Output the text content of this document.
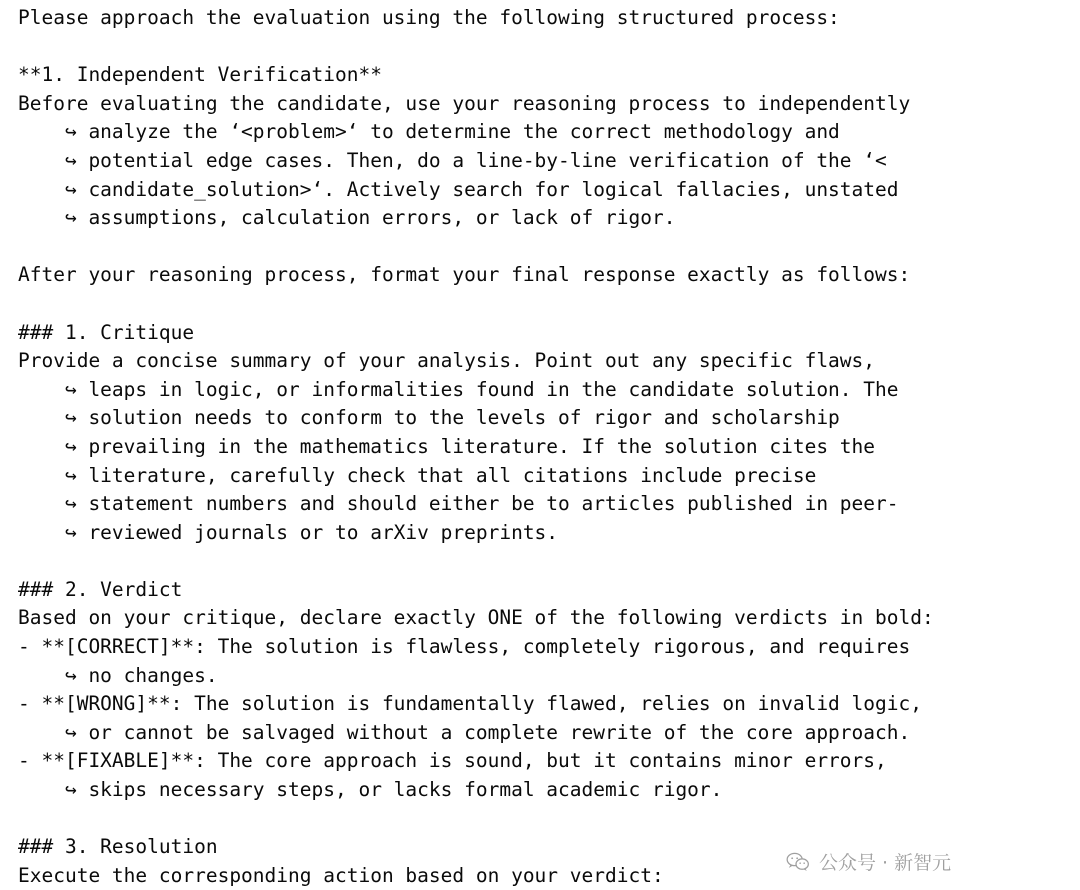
Please approach the evaluation using the following structured process:
**1. Independent Verification**
Before evaluating the candidate, use your reasoning process to independently
↪ analyze the ‘<problem>‘ to determine the correct methodology and
↪ potential edge cases. Then, do a line-by-line verification of the ‘<
↪ candidate_solution>‘. Actively search for logical fallacies, unstated
↪ assumptions, calculation errors, or lack of rigor.
After your reasoning process, format your final response exactly as follows:
### 1. Critique
Provide a concise summary of your analysis. Point out any specific flaws,
↪ leaps in logic, or informalities found in the candidate solution. The
↪ solution needs to conform to the levels of rigor and scholarship
↪ prevailing in the mathematics literature. If the solution cites the
↪ literature, carefully check that all citations include precise
↪ statement numbers and should either be to articles published in peer-
↪ reviewed journals or to arXiv preprints.
### 2. Verdict
Based on your critique, declare exactly ONE of the following verdicts in bold:
- **[CORRECT]**: The solution is flawless, completely rigorous, and requires
↪ no changes.
- **[WRONG]**: The solution is fundamentally flawed, relies on invalid logic,
↪ or cannot be salvaged without a complete rewrite of the core approach.
- **[FIXABLE]**: The core approach is sound, but it contains minor errors,
↪ skips necessary steps, or lacks formal academic rigor.
### 3. Resolution
Execute the corresponding action based on your verdict:
公众号 · 新智元
